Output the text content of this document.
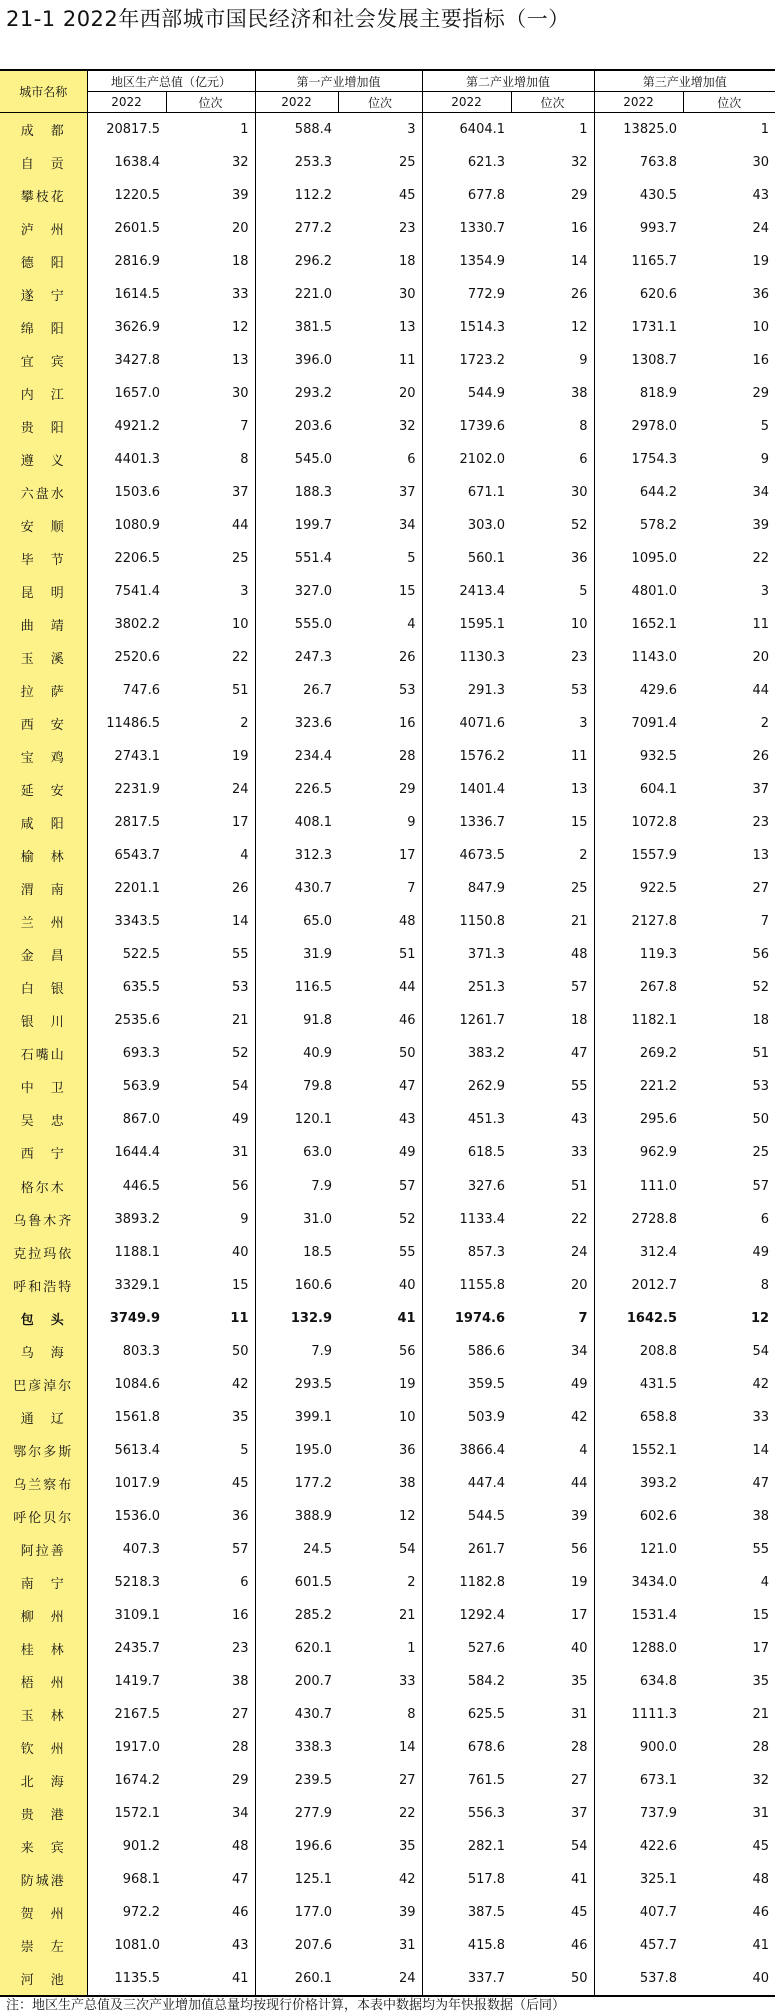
21-1 2022年西部城市国民经济和社会发展主要指标（一）
城市名称	地区生产总值（亿元）		第一产业增加值		第二产业增加值		第三产业增加值	
	2022	位次	2022	位次	2022	位次	2022	位次
成　都	20817.5	1	588.4	3	6404.1	1	13825.0	1
自　贡	1638.4	32	253.3	25	621.3	32	763.8	30
攀枝花	1220.5	39	112.2	45	677.8	29	430.5	43
泸　州	2601.5	20	277.2	23	1330.7	16	993.7	24
德　阳	2816.9	18	296.2	18	1354.9	14	1165.7	19
遂　宁	1614.5	33	221.0	30	772.9	26	620.6	36
绵　阳	3626.9	12	381.5	13	1514.3	12	1731.1	10
宜　宾	3427.8	13	396.0	11	1723.2	9	1308.7	16
内　江	1657.0	30	293.2	20	544.9	38	818.9	29
贵　阳	4921.2	7	203.6	32	1739.6	8	2978.0	5
遵　义	4401.3	8	545.0	6	2102.0	6	1754.3	9
六盘水	1503.6	37	188.3	37	671.1	30	644.2	34
安　顺	1080.9	44	199.7	34	303.0	52	578.2	39
毕　节	2206.5	25	551.4	5	560.1	36	1095.0	22
昆　明	7541.4	3	327.0	15	2413.4	5	4801.0	3
曲　靖	3802.2	10	555.0	4	1595.1	10	1652.1	11
玉　溪	2520.6	22	247.3	26	1130.3	23	1143.0	20
拉　萨	747.6	51	26.7	53	291.3	53	429.6	44
西　安	11486.5	2	323.6	16	4071.6	3	7091.4	2
宝　鸡	2743.1	19	234.4	28	1576.2	11	932.5	26
延　安	2231.9	24	226.5	29	1401.4	13	604.1	37
咸　阳	2817.5	17	408.1	9	1336.7	15	1072.8	23
榆　林	6543.7	4	312.3	17	4673.5	2	1557.9	13
渭　南	2201.1	26	430.7	7	847.9	25	922.5	27
兰　州	3343.5	14	65.0	48	1150.8	21	2127.8	7
金　昌	522.5	55	31.9	51	371.3	48	119.3	56
白　银	635.5	53	116.5	44	251.3	57	267.8	52
银　川	2535.6	21	91.8	46	1261.7	18	1182.1	18
石嘴山	693.3	52	40.9	50	383.2	47	269.2	51
中　卫	563.9	54	79.8	47	262.9	55	221.2	53
吴　忠	867.0	49	120.1	43	451.3	43	295.6	50
西　宁	1644.4	31	63.0	49	618.5	33	962.9	25
格尔木	446.5	56	7.9	57	327.6	51	111.0	57
乌鲁木齐	3893.2	9	31.0	52	1133.4	22	2728.8	6
克拉玛依	1188.1	40	18.5	55	857.3	24	312.4	49
呼和浩特	3329.1	15	160.6	40	1155.8	20	2012.7	8
包　头	3749.9	11	132.9	41	1974.6	7	1642.5	12
乌　海	803.3	50	7.9	56	586.6	34	208.8	54
巴彦淖尔	1084.6	42	293.5	19	359.5	49	431.5	42
通　辽	1561.8	35	399.1	10	503.9	42	658.8	33
鄂尔多斯	5613.4	5	195.0	36	3866.4	4	1552.1	14
乌兰察布	1017.9	45	177.2	38	447.4	44	393.2	47
呼伦贝尔	1536.0	36	388.9	12	544.5	39	602.6	38
阿拉善	407.3	57	24.5	54	261.7	56	121.0	55
南　宁	5218.3	6	601.5	2	1182.8	19	3434.0	4
柳　州	3109.1	16	285.2	21	1292.4	17	1531.4	15
桂　林	2435.7	23	620.1	1	527.6	40	1288.0	17
梧　州	1419.7	38	200.7	33	584.2	35	634.8	35
玉　林	2167.5	27	430.7	8	625.5	31	1111.3	21
钦　州	1917.0	28	338.3	14	678.6	28	900.0	28
北　海	1674.2	29	239.5	27	761.5	27	673.1	32
贵　港	1572.1	34	277.9	22	556.3	37	737.9	31
来　宾	901.2	48	196.6	35	282.1	54	422.6	45
防城港	968.1	47	125.1	42	517.8	41	325.1	48
贺　州	972.2	46	177.0	39	387.5	45	407.7	46
崇　左	1081.0	43	207.6	31	415.8	46	457.7	41
河　池	1135.5	41	260.1	24	337.7	50	537.8	40
注：地区生产总值及三次产业增加值总量均按现行价格计算，本表中数据均为年快报数据（后同）
